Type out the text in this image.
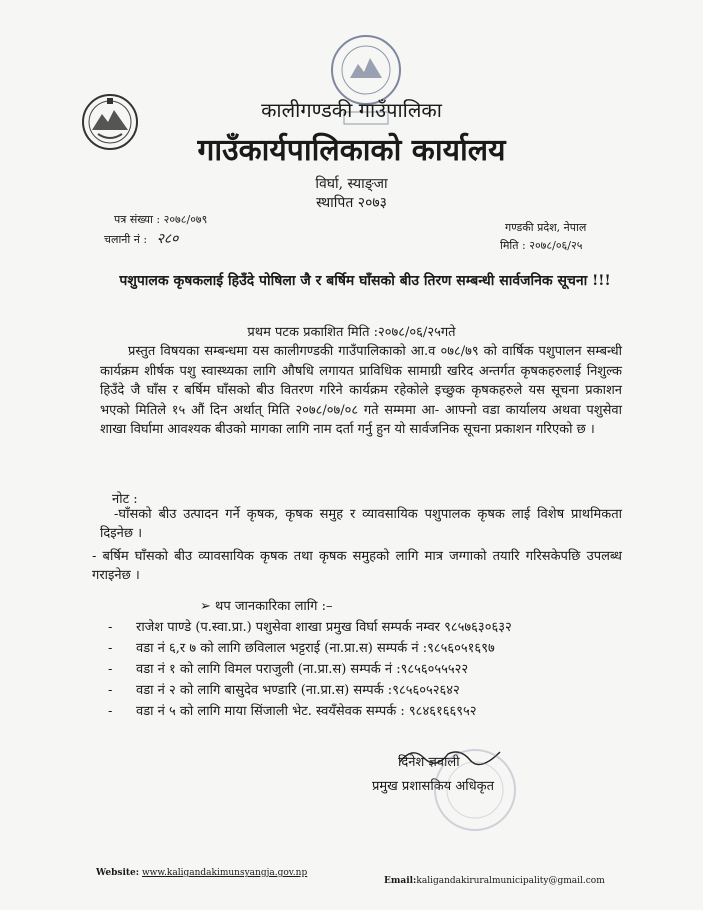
कालीगण्डकी गाउँपालिका
गाउँकार्यपालिकाको कार्यालय
विर्घा, स्याङ्जा
स्थापित २०७३
पत्र संख्या : २०७८/०७९
चलानी नं : २८०
गण्डकी प्रदेश, नेपाल
मिति : २०७८/०६/२५
पशुपालक कृषकलाई हिउँदे पोषिला जै र बर्षिम घाँसको बीउ तिरण सम्बन्धी सार्वजनिक सूचना !!!
प्रथम पटक प्रकाशित मिति :२०७८/०६/२५गते
प्रस्तुत विषयका सम्बन्धमा यस कालीगण्डकी गाउँपालिकाको आ.व ०७८/७९ को वार्षिक पशुपालन सम्बन्धी कार्यक्रम शीर्षक पशु स्वास्थ्यका लागि औषधि लगायत प्राविधिक सामाग्री खरिद अन्तर्गत कृषकहरुलाई निशुल्क हिउँदे जै घाँस र बर्षिम घाँसको बीउ वितरण गरिने कार्यक्रम रहेकोले इच्छुक कृषकहरुले यस सूचना प्रकाशन भएको मितिले १५ औं दिन अर्थात् मिति २०७८/०७/०८ गते सम्ममा आ- आफ्नो वडा कार्यालय अथवा पशुसेवा शाखा विर्घामा आवश्यक बीउको मागका लागि नाम दर्ता गर्नु हुन यो सार्वजनिक सूचना प्रकाशन गरिएको छ ।
नोट :
-घाँसको बीउ उत्पादन गर्ने कृषक, कृषक समुह र व्यावसायिक पशुपालक कृषक लाई विशेष प्राथमिकता दिइनेछ ।
- बर्षिम घाँसको बीउ व्यावसायिक कृषक तथा कृषक समुहको लागि मात्र जग्गाको तयारि गरिसकेपछि उपलब्ध गराइनेछ ।
➢ थप जानकारिका लागि :–
- राजेश पाण्डे (प.स्वा.प्रा.) पशुसेवा शाखा प्रमुख विर्घा सम्पर्क नम्वर ९८५७६३०६३२
- वडा नं ६,र ७ को लागि छविलाल भट्टराई (ना.प्रा.स) सम्पर्क नं :९८५६०५१६९७
- वडा नं १ को लागि विमल पराजुली (ना.प्रा.स) सम्पर्क नं :९८५६०५५५२२
- वडा नं २ को लागि बासुदेव भण्डारि (ना.प्रा.स) सम्पर्क :९८५६०५२६४२
- वडा नं ५ को लागि माया सिंजाली भेट. स्वयँसेवक सम्पर्क : ९८४६१६६९५२
दिनेश ज्ञवाली
प्रमुख प्रशासकिय अधिकृत
Website: www.kaligandakimunsyangja.gov.np
Email:kaligandakiruralmunicipality@gmail.com
